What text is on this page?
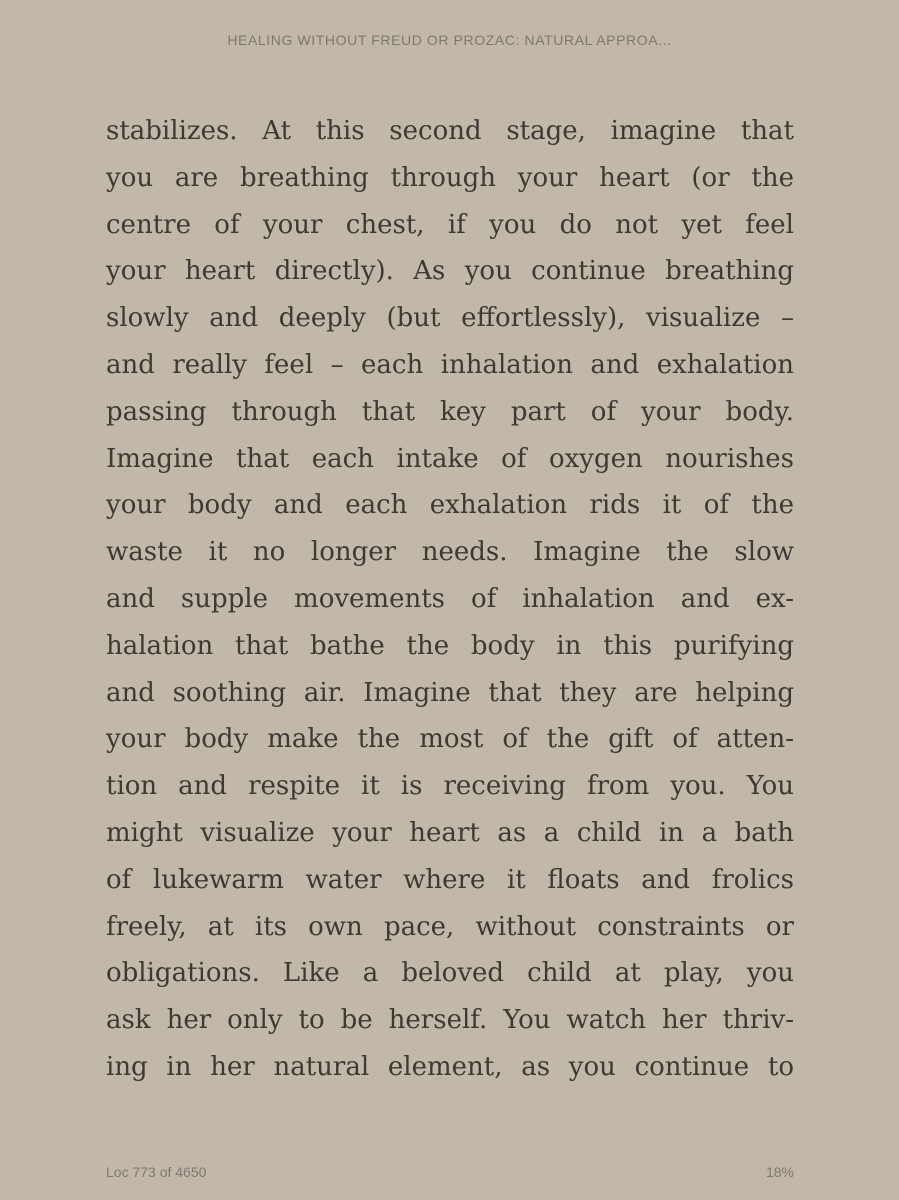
HEALING WITHOUT FREUD OR PROZAC: NATURAL APPROA...
stabilizes. At this second stage, imagine that
you are breathing through your heart (or the
centre of your chest, if you do not yet feel
your heart directly). As you continue breathing
slowly and deeply (but effortlessly), visualize –
and really feel – each inhalation and exhalation
passing through that key part of your body.
Imagine that each intake of oxygen nourishes
your body and each exhalation rids it of the
waste it no longer needs. Imagine the slow
and supple movements of inhalation and ex-
halation that bathe the body in this purifying
and soothing air. Imagine that they are helping
your body make the most of the gift of atten-
tion and respite it is receiving from you. You
might visualize your heart as a child in a bath
of lukewarm water where it floats and frolics
freely, at its own pace, without constraints or
obligations. Like a beloved child at play, you
ask her only to be herself. You watch her thriv-
ing in her natural element, as you continue to
Loc 773 of 4650	18%
